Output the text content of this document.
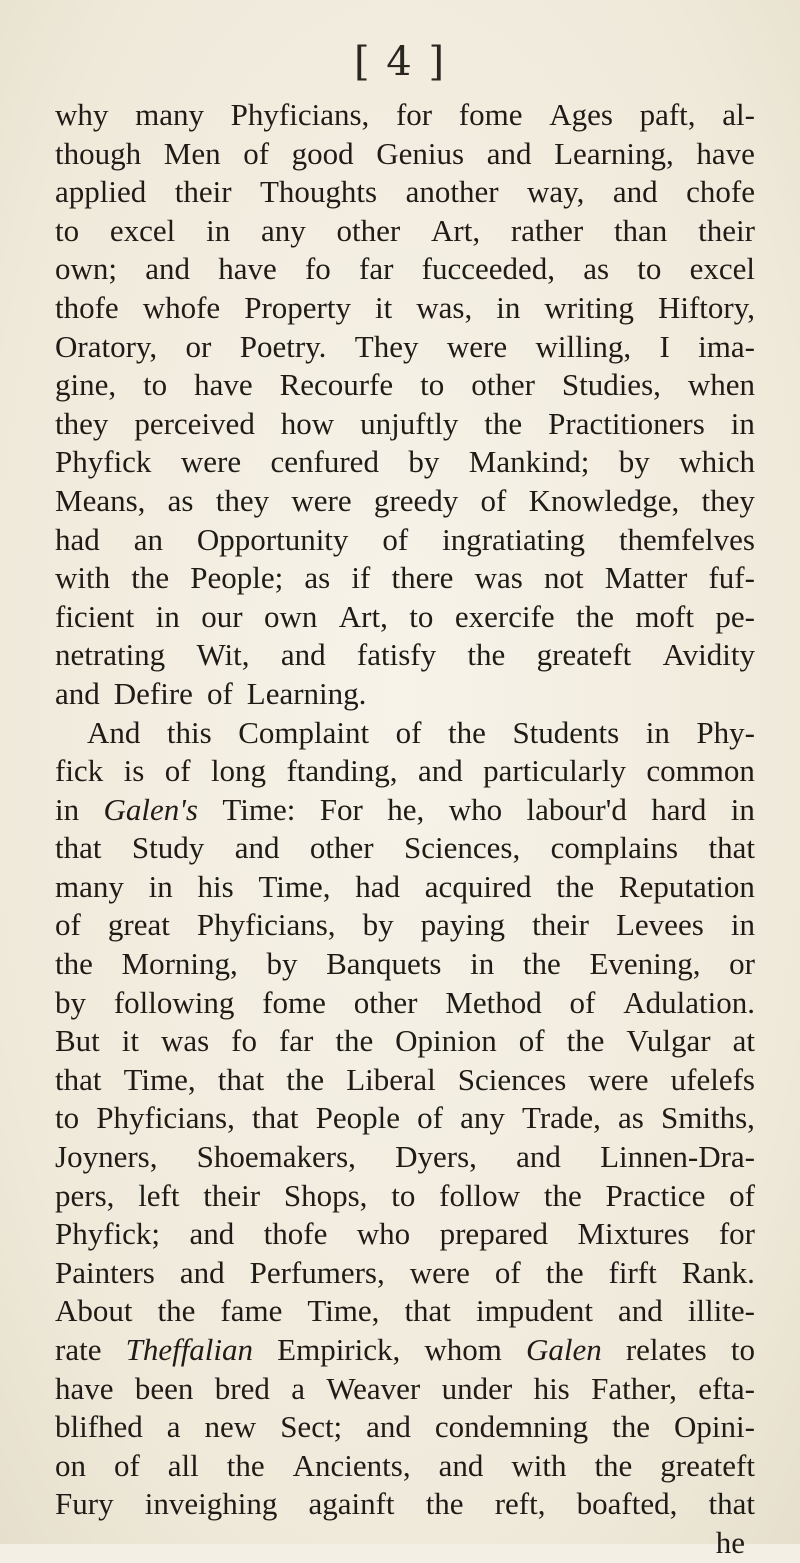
[ 4 ]
why many Phyficians, for fome Ages paft, al-
though Men of good Genius and Learning, have
applied their Thoughts another way, and chofe
to excel in any other Art, rather than their
own; and have fo far fucceeded, as to excel
thofe whofe Property it was, in writing Hiftory,
Oratory, or Poetry. They were willing, I ima-
gine, to have Recourfe to other Studies, when
they perceived how unjuftly the Practitioners in
Phyfick were cenfured by Mankind; by which
Means, as they were greedy of Knowledge, they
had an Opportunity of ingratiating themfelves
with the People; as if there was not Matter fuf-
ficient in our own Art, to exercife the moft pe-
netrating Wit, and fatisfy the greateft Avidity
and Defire of Learning.
And this Complaint of the Students in Phy-
fick is of long ftanding, and particularly common
in Galen's Time: For he, who labour'd hard in
that Study and other Sciences, complains that
many in his Time, had acquired the Reputation
of great Phyficians, by paying their Levees in
the Morning, by Banquets in the Evening, or
by following fome other Method of Adulation.
But it was fo far the Opinion of the Vulgar at
that Time, that the Liberal Sciences were ufelefs
to Phyficians, that People of any Trade, as Smiths,
Joyners, Shoemakers, Dyers, and Linnen-Dra-
pers, left their Shops, to follow the Practice of
Phyfick; and thofe who prepared Mixtures for
Painters and Perfumers, were of the firft Rank.
About the fame Time, that impudent and illite-
rate Theffalian Empirick, whom Galen relates to
have been bred a Weaver under his Father, efta-
blifhed a new Sect; and condemning the Opini-
on of all the Ancients, and with the greateft
Fury inveighing againft the reft, boafted, that
he
